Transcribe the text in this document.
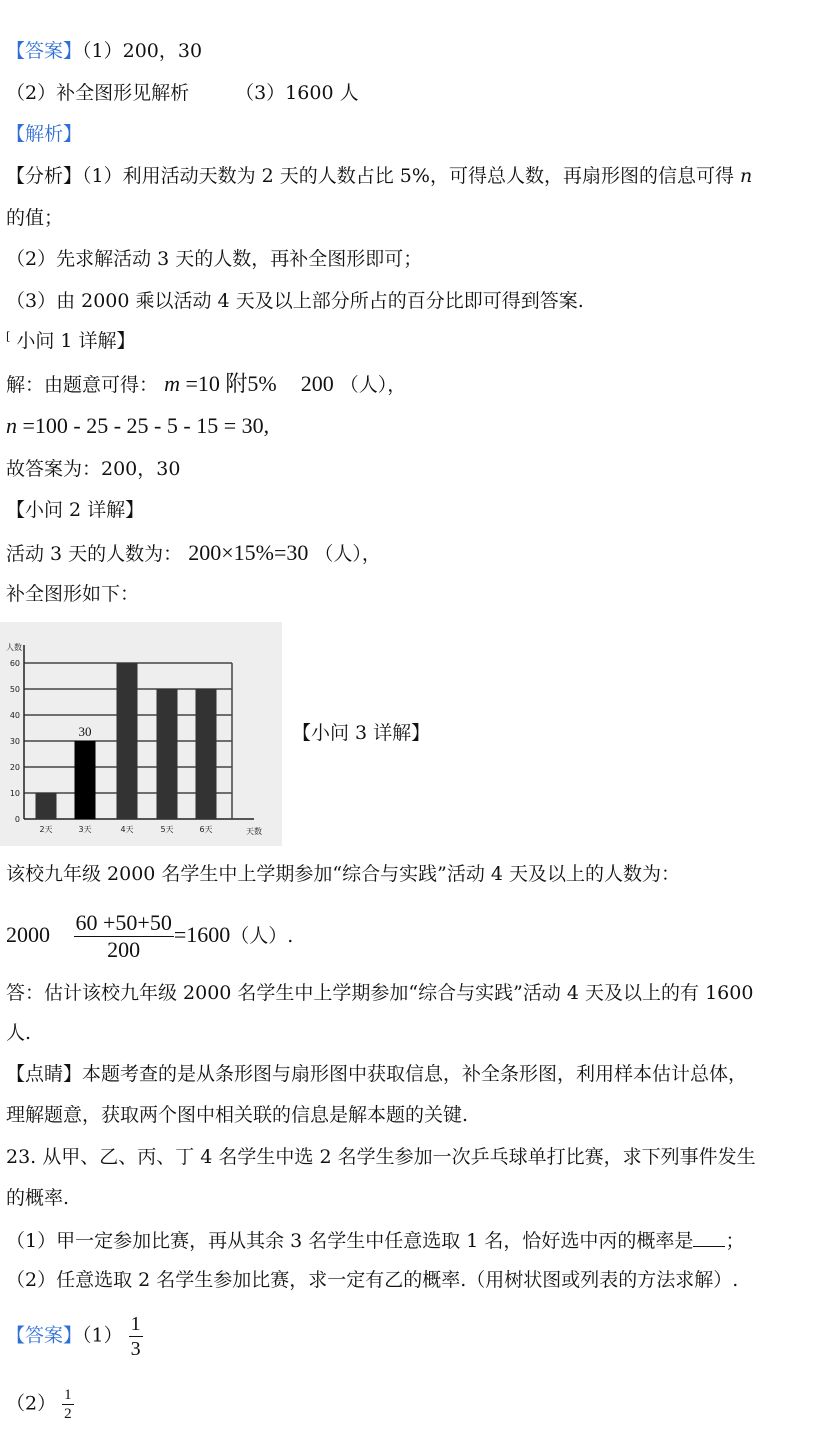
【答案】（1）200，30
（2）补全图形见解析 （3）1600 人
【解析】
【分析】（1）利用活动天数为 2 天的人数占比 5%，可得总人数，再扇形图的信息可得 n
的值；
（2）先求解活动 3 天的人数，再补全图形即可；
（3）由 2000 乘以活动 4 天及以上部分所占的百分比即可得到答案.
[ 小问 1 详解】
解：由题意可得： m =10 附5% 200 （人），
n =100 - 25 - 25 - 5 - 15 = 30,
故答案为：200，30
【小问 2 详解】
活动 3 天的人数为： 200×15%=30 （人），
补全图形如下：
0
10
20
30
40
50
60
人数
天数
2天	3天
30
4天	5天	6天
【小问 3 详解】
该校九年级 2000 名学生中上学期参加“综合与实践”活动 4 天及以上的人数为：
$2000 \frac{60 +50+50}{200} =1600$（人）.
答：估计该校九年级 2000 名学生中上学期参加“综合与实践”活动 4 天及以上的有 1600
人.
【点睛】本题考查的是从条形图与扇形图中获取信息，补全条形图，利用样本估计总体，
理解题意，获取两个图中相关联的信息是解本题的关键.
23. 从甲、乙、丙、丁 4 名学生中选 2 名学生参加一次乒乓球单打比赛，求下列事件发生
的概率.
（1）甲一定参加比赛，再从其余 3 名学生中任意选取 1 名，恰好选中丙的概率是 ；
（2）任意选取 2 名学生参加比赛，求一定有乙的概率.（用树状图或列表的方法求解）.
【答案】$(1) \frac{1}{3}$
$(2) \frac{1}{2}$
